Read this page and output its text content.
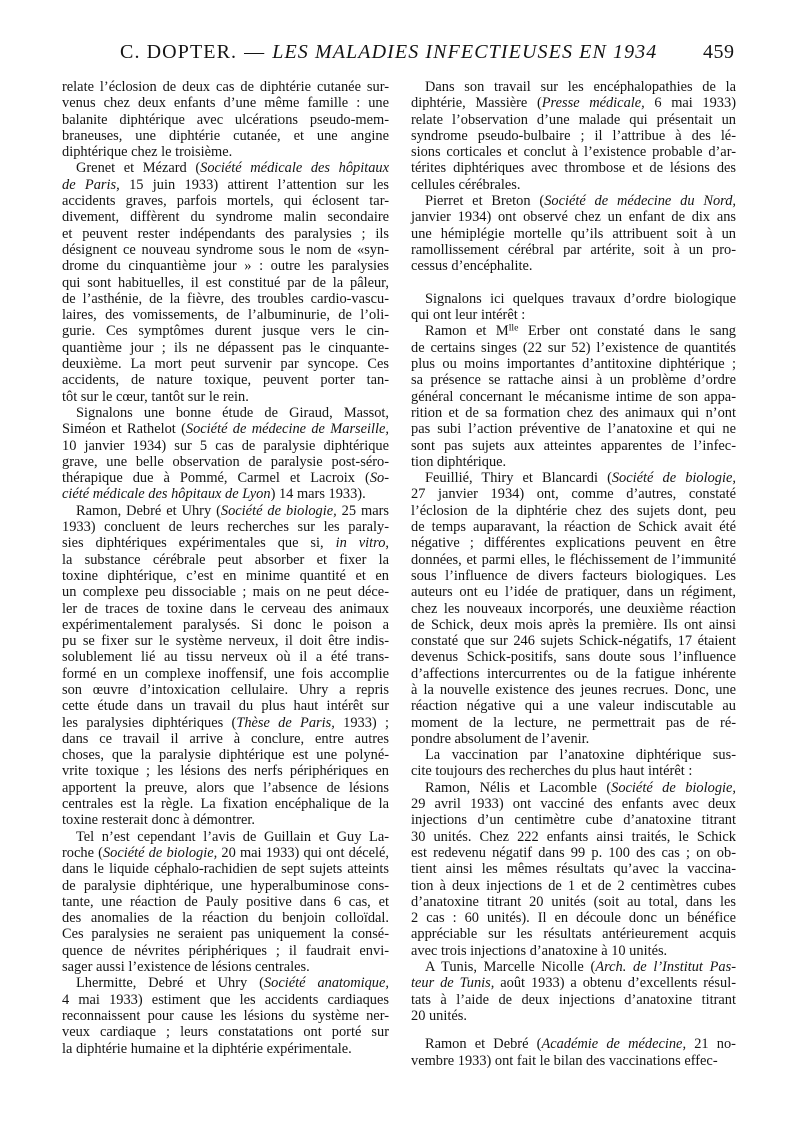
C. DOPTER. — LES MALADIES INFECTIEUSES EN 1934 459
relate l’éclosion de deux cas de diphtérie cutanée sur-
venus chez deux enfants d’une même famille : une
balanite diphtérique avec ulcérations pseudo-mem-
braneuses, une diphtérie cutanée, et une angine
diphtérique chez le troisième.
Grenet et Mézard (Société médicale des hôpitaux
de Paris, 15 juin 1933) attirent l’attention sur les
accidents graves, parfois mortels, qui éclosent tar-
divement, diffèrent du syndrome malin secondaire
et peuvent rester indépendants des paralysies ; ils
désignent ce nouveau syndrome sous le nom de «syn-
drome du cinquantième jour » : outre les paralysies
qui sont habituelles, il est constitué par de la pâleur,
de l’asthénie, de la fièvre, des troubles cardio-vascu-
laires, des vomissements, de l’albuminurie, de l’oli-
gurie. Ces symptômes durent jusque vers le cin-
quantième jour ; ils ne dépassent pas le cinquante-
deuxième. La mort peut survenir par syncope. Ces
accidents, de nature toxique, peuvent porter tan-
tôt sur le cœur, tantôt sur le rein.
Signalons une bonne étude de Giraud, Massot,
Siméon et Rathelot (Société de médecine de Marseille,
10 janvier 1934) sur 5 cas de paralysie diphtérique
grave, une belle observation de paralysie post-séro-
thérapique due à Pommé, Carmel et Lacroix (So-
ciété médicale des hôpitaux de Lyon) 14 mars 1933).
Ramon, Debré et Uhry (Société de biologie, 25 mars
1933) concluent de leurs recherches sur les paraly-
sies diphtériques expérimentales que si, in vitro,
la substance cérébrale peut absorber et fixer la
toxine diphtérique, c’est en minime quantité et en
un complexe peu dissociable ; mais on ne peut déce-
ler de traces de toxine dans le cerveau des animaux
expérimentalement paralysés. Si donc le poison a
pu se fixer sur le système nerveux, il doit être indis-
solublement lié au tissu nerveux où il a été trans-
formé en un complexe inoffensif, une fois accomplie
son œuvre d’intoxication cellulaire. Uhry a repris
cette étude dans un travail du plus haut intérêt sur
les paralysies diphtériques (Thèse de Paris, 1933) ;
dans ce travail il arrive à conclure, entre autres
choses, que la paralysie diphtérique est une polyné-
vrite toxique ; les lésions des nerfs périphériques en
apportent la preuve, alors que l’absence de lésions
centrales est la règle. La fixation encéphalique de la
toxine resterait donc à démontrer.
Tel n’est cependant l’avis de Guillain et Guy La-
roche (Société de biologie, 20 mai 1933) qui ont décelé,
dans le liquide céphalo-rachidien de sept sujets atteints
de paralysie diphtérique, une hyperalbuminose cons-
tante, une réaction de Pauly positive dans 6 cas, et
des anomalies de la réaction du benjoin colloïdal.
Ces paralysies ne seraient pas uniquement la consé-
quence de névrites périphériques ; il faudrait envi-
sager aussi l’existence de lésions centrales.
Lhermitte, Debré et Uhry (Société anatomique,
4 mai 1933) estiment que les accidents cardiaques
reconnaissent pour cause les lésions du système ner-
veux cardiaque ; leurs constatations ont porté sur
la diphtérie humaine et la diphtérie expérimentale.
Dans son travail sur les encéphalopathies de la
diphtérie, Massière (Presse médicale, 6 mai 1933)
relate l’observation d’une malade qui présentait un
syndrome pseudo-bulbaire ; il l’attribue à des lé-
sions corticales et conclut à l’existence probable d’ar-
térites diphtériques avec thrombose et de lésions des
cellules cérébrales.
Pierret et Breton (Société de médecine du Nord,
janvier 1934) ont observé chez un enfant de dix ans
une hémiplégie mortelle qu’ils attribuent soit à un
ramollissement cérébral par artérite, soit à un pro-
cessus d’encéphalite.
Signalons ici quelques travaux d’ordre biologique
qui ont leur intérêt :
Ramon et $M^{lle}$ Erber ont constaté dans le sang
de certains singes (22 sur 52) l’existence de quantités
plus ou moins importantes d’antitoxine diphtérique ;
sa présence se rattache ainsi à un problème d’ordre
général concernant le mécanisme intime de son appa-
rition et de sa formation chez des animaux qui n’ont
pas subi l’action préventive de l’anatoxine et qui ne
sont pas sujets aux atteintes apparentes de l’infec-
tion diphtérique.
Feuillié, Thiry et Blancardi (Société de biologie,
27 janvier 1934) ont, comme d’autres, constaté
l’éclosion de la diphtérie chez des sujets dont, peu
de temps auparavant, la réaction de Schick avait été
négative ; différentes explications peuvent en être
données, et parmi elles, le fléchissement de l’immunité
sous l’influence de divers facteurs biologiques. Les
auteurs ont eu l’idée de pratiquer, dans un régiment,
chez les nouveaux incorporés, une deuxième réaction
de Schick, deux mois après la première. Ils ont ainsi
constaté que sur 246 sujets Schick-négatifs, 17 étaient
devenus Schick-positifs, sans doute sous l’influence
d’affections intercurrentes ou de la fatigue inhérente
à la nouvelle existence des jeunes recrues. Donc, une
réaction négative qui a une valeur indiscutable au
moment de la lecture, ne permettrait pas de ré-
pondre absolument de l’avenir.
La vaccination par l’anatoxine diphtérique sus-
cite toujours des recherches du plus haut intérêt :
Ramon, Nélis et Lacomble (Société de biologie,
29 avril 1933) ont vacciné des enfants avec deux
injections d’un centimètre cube d’anatoxine titrant
30 unités. Chez 222 enfants ainsi traités, le Schick
est redevenu négatif dans 99 p. 100 des cas ; on ob-
tient ainsi les mêmes résultats qu’avec la vaccina-
tion à deux injections de 1 et de 2 centimètres cubes
d’anatoxine titrant 20 unités (soit au total, dans les
2 cas : 60 unités). Il en découle donc un bénéfice
appréciable sur les résultats antérieurement acquis
avec trois injections d’anatoxine à 10 unités.
A Tunis, Marcelle Nicolle (Arch. de l’Institut Pas-
teur de Tunis, août 1933) a obtenu d’excellents résul-
tats à l’aide de deux injections d’anatoxine titrant
20 unités.
Ramon et Debré (Académie de médecine, 21 no-
vembre 1933) ont fait le bilan des vaccinations effec-
